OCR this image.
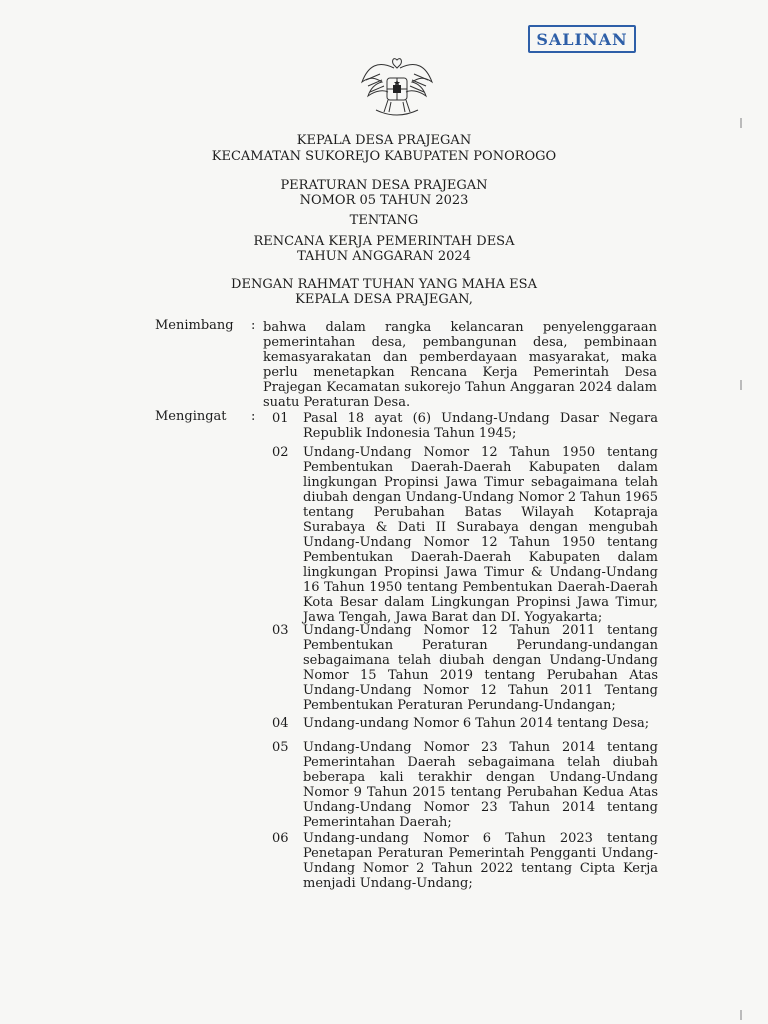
SALINAN
KEPALA DESA PRAJEGAN
KECAMATAN SUKOREJO KABUPATEN PONOROGO
PERATURAN DESA PRAJEGAN
NOMOR 05 TAHUN 2023
TENTANG
RENCANA KERJA PEMERINTAH DESA
TAHUN ANGGARAN 2024
DENGAN RAHMAT TUHAN YANG MAHA ESA
KEPALA DESA PRAJEGAN,
Menimbang : bahwa dalam rangka kelancaran penyelenggaraan pemerintahan desa, pembangunan desa, pembinaan kemasyarakatan dan pemberdayaan masyarakat, maka perlu menetapkan Rencana Kerja Pemerintah Desa Prajegan Kecamatan sukorejo Tahun Anggaran 2024 dalam suatu Peraturan Desa.
Mengingat : 01 Pasal 18 ayat (6) Undang-Undang Dasar Negara Republik Indonesia Tahun 1945;
02 Undang-Undang Nomor 12 Tahun 1950 tentang Pembentukan Daerah-Daerah Kabupaten dalam lingkungan Propinsi Jawa Timur sebagaimana telah diubah dengan Undang-Undang Nomor 2 Tahun 1965 tentang Perubahan Batas Wilayah Kotapraja Surabaya & Dati II Surabaya dengan mengubah Undang-Undang Nomor 12 Tahun 1950 tentang Pembentukan Daerah-Daerah Kabupaten dalam lingkungan Propinsi Jawa Timur & Undang-Undang 16 Tahun 1950 tentang Pembentukan Daerah-Daerah Kota Besar dalam Lingkungan Propinsi Jawa Timur, Jawa Tengah, Jawa Barat dan DI. Yogyakarta;
03 Undang-Undang Nomor 12 Tahun 2011 tentang Pembentukan Peraturan Perundang-undangan sebagaimana telah diubah dengan Undang-Undang Nomor 15 Tahun 2019 tentang Perubahan Atas Undang-Undang Nomor 12 Tahun 2011 Tentang Pembentukan Peraturan Perundang-Undangan;
04 Undang-undang Nomor 6 Tahun 2014 tentang Desa;
05 Undang-Undang Nomor 23 Tahun 2014 tentang Pemerintahan Daerah sebagaimana telah diubah beberapa kali terakhir dengan Undang-Undang Nomor 9 Tahun 2015 tentang Perubahan Kedua Atas Undang-Undang Nomor 23 Tahun 2014 tentang Pemerintahan Daerah;
06 Undang-undang Nomor 6 Tahun 2023 tentang Penetapan Peraturan Pemerintah Pengganti Undang-Undang Nomor 2 Tahun 2022 tentang Cipta Kerja menjadi Undang-Undang;
